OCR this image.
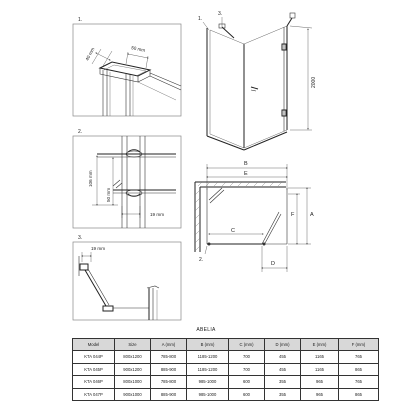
1.
40 mm	50 mm
2.
106 mm
50 mm
19 mm
3.
19 mm
1.
3.
2000
B
E
A
F
C
D
2.
ABELIA
Model	Size	A (mm)	B (mm)	C (mm)	D (mm)	E (mm)	F (mm)
KTA 044P	800x1200	785-800	1185-1200	700	455	1165	765
KTA 045P	900x1200	885-900	1185-1200	700	455	1165	865
KTA 046P	800x1000	785-800	985-1000	600	355	965	765
KTA 047P	900x1000	885-900	985-1000	600	355	965	865
